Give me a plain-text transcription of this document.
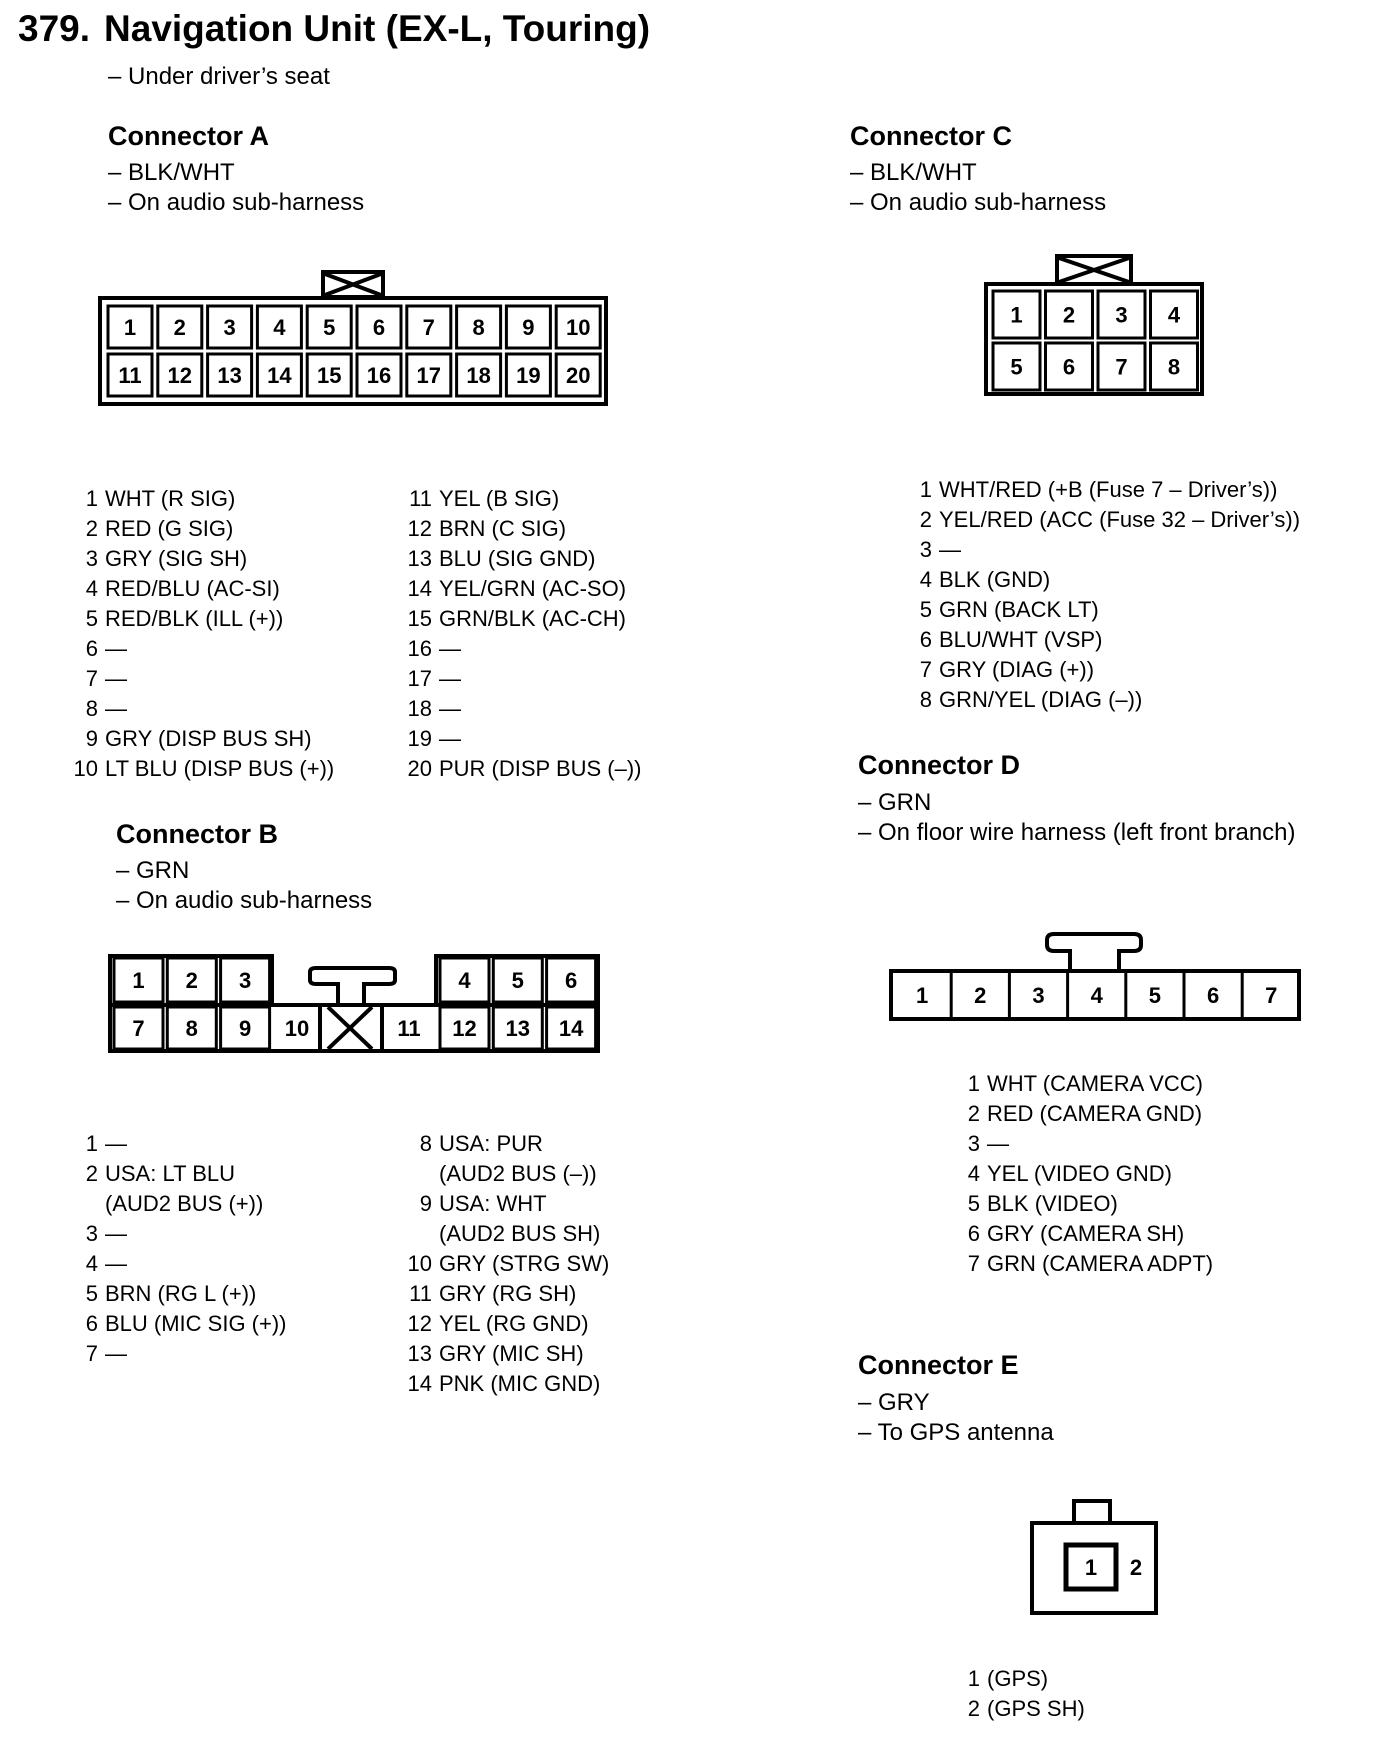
379. Navigation Unit (EX-L, Touring)
– Under driver’s seat
Connector A
– BLK/WHT
– On audio sub-harness
1 2 3 4 5 6 7 8 9 10
11 12 13 14 15 16 17 18 19 20
1 WHT (R SIG)
2 RED (G SIG)
3 GRY (SIG SH)
4 RED/BLU (AC-SI)
5 RED/BLK (ILL (+))
6 —
7 —
8 —
9 GRY (DISP BUS SH)
10 LT BLU (DISP BUS (+))
11 YEL (B SIG)
12 BRN (C SIG)
13 BLU (SIG GND)
14 YEL/GRN (AC-SO)
15 GRN/BLK (AC-CH)
16 —
17 —
18 —
19 —
20 PUR (DISP BUS (–))
Connector B
– GRN
– On audio sub-harness
1 2 3	4 5 6
7 8 9 10	11 12 13 14
1 —
2 USA: LT BLU
(AUD2 BUS (+))
3 —
4 —
5 BRN (RG L (+))
6 BLU (MIC SIG (+))
7 —
8 USA: PUR
(AUD2 BUS (–))
9 USA: WHT
(AUD2 BUS SH)
10 GRY (STRG SW)
11 GRY (RG SH)
12 YEL (RG GND)
13 GRY (MIC SH)
14 PNK (MIC GND)
Connector C
– BLK/WHT
– On audio sub-harness
1 2 3 4
5 6 7 8
1 WHT/RED (+B (Fuse 7 – Driver’s))
2 YEL/RED (ACC (Fuse 32 – Driver’s))
3 —
4 BLK (GND)
5 GRN (BACK LT)
6 BLU/WHT (VSP)
7 GRY (DIAG (+))
8 GRN/YEL (DIAG (–))
Connector D
– GRN
– On floor wire harness (left front branch)
1 2 3 4 5 6 7
1 WHT (CAMERA VCC)
2 RED (CAMERA GND)
3 —
4 YEL (VIDEO GND)
5 BLK (VIDEO)
6 GRY (CAMERA SH)
7 GRN (CAMERA ADPT)
Connector E
– GRY
– To GPS antenna
1 2
1 (GPS)
2 (GPS SH)
